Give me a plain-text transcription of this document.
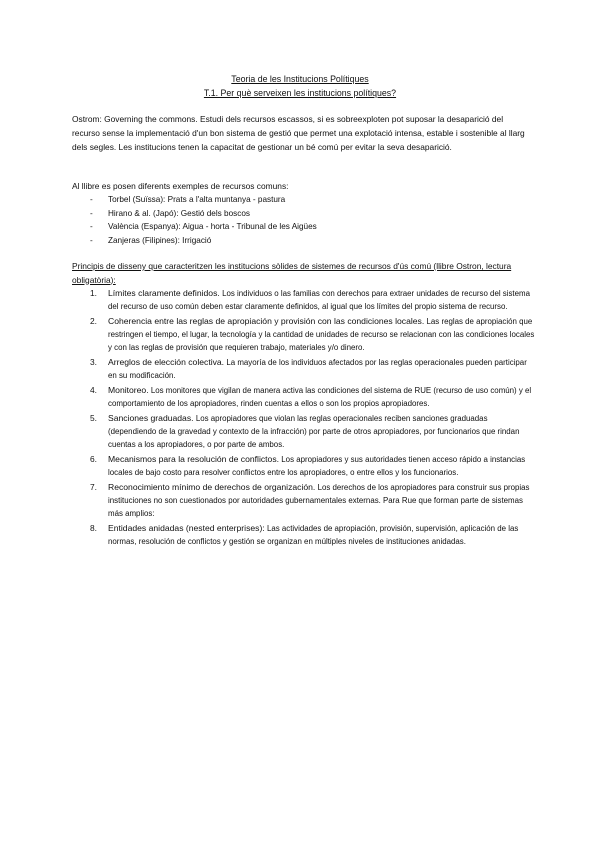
Teoria de les Institucions Polítiques
T.1. Per què serveixen les institucions polítiques?
Ostrom: Governing the commons. Estudi dels recursos escassos, si es sobreexploten pot suposar la desaparició del recurso sense la implementació d'un bon sistema de gestió que permet una explotació intensa, estable i sostenible al llarg dels segles. Les institucions tenen la capacitat de gestionar un bé comú per evitar la seva desaparició.
Al llibre es posen diferents exemples de recursos comuns:
- Torbel (Suïssa): Prats a l'alta muntanya - pastura
- Hirano & al. (Japó): Gestió dels boscos
- València (Espanya): Aigua - horta - Tribunal de les Aigües
- Zanjeras (Filipines): Irrigació
Principis de disseny que caracteritzen les institucions sòlides de sistemes de recursos d'ús comú (llibre Ostron, lectura obligatòria):
1. Límites claramente definidos. Los individuos o las familias con derechos para extraer unidades de recurso del sistema del recurso de uso común deben estar claramente definidos, al igual que los límites del propio sistema de recurso.
2. Coherencia entre las reglas de apropiación y provisión con las condiciones locales. Las reglas de apropiación que restringen el tiempo, el lugar, la tecnología y la cantidad de unidades de recurso se relacionan con las condiciones locales y con las reglas de provisión que requieren trabajo, materiales y/o dinero.
3. Arreglos de elección colectiva. La mayoría de los individuos afectados por las reglas operacionales pueden participar en su modificación.
4. Monitoreo. Los monitores que vigilan de manera activa las condiciones del sistema de RUE (recurso de uso común) y el comportamiento de los apropiadores, rinden cuentas a ellos o son los propios apropiadores.
5. Sanciones graduadas. Los apropiadores que violan las reglas operacionales reciben sanciones graduadas (dependiendo de la gravedad y contexto de la infracción) por parte de otros apropiadores, por funcionarios que rindan cuentas a los apropiadores, o por parte de ambos.
6. Mecanismos para la resolución de conflictos. Los apropiadores y sus autoridades tienen acceso rápido a instancias locales de bajo costo para resolver conflictos entre los apropiadores, o entre ellos y los funcionarios.
7. Reconocimiento mínimo de derechos de organización. Los derechos de los apropiadores para construir sus propias instituciones no son cuestionados por autoridades gubernamentales externas. Para Rue que forman parte de sistemas más amplios:
8. Entidades anidadas (nested enterprises): Las actividades de apropiación, provisión, supervisión, aplicación de las normas, resolución de conflictos y gestión se organizan en múltiples niveles de instituciones anidadas.
